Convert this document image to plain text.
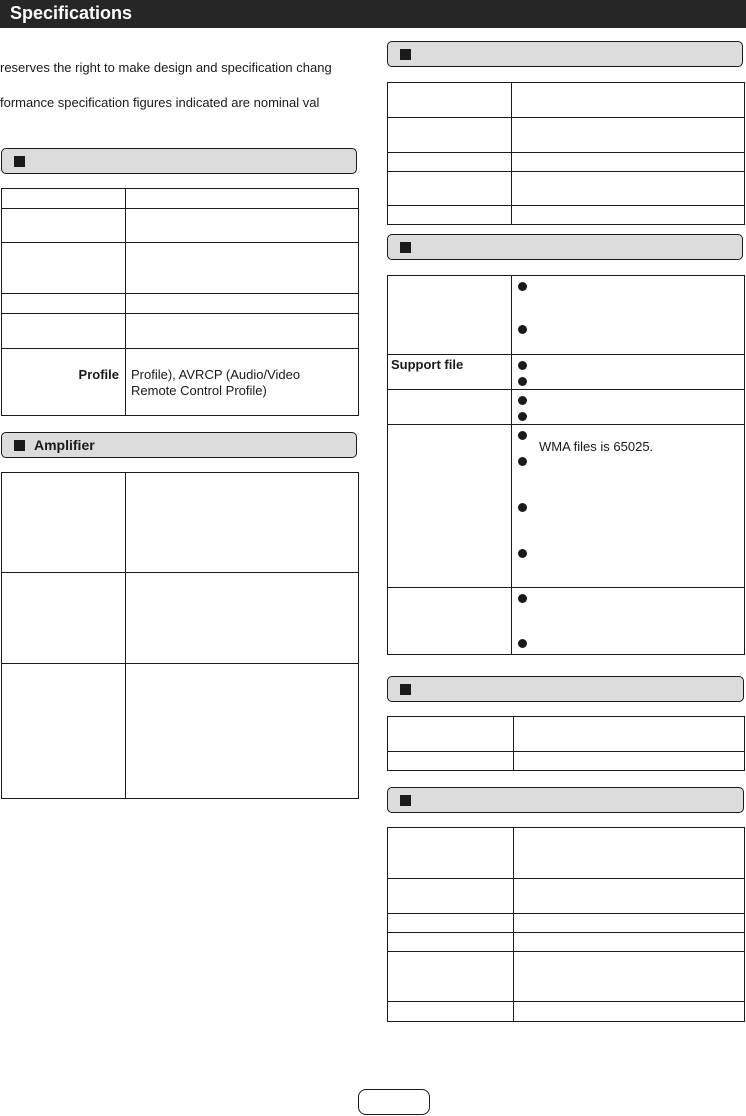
Specifications
reserves the right to make design and specification chang
formance specification figures indicated are nominal val

Profile	Profile), AVRCP (Audio/Video
Remote Control Profile)
Amplifier

Support file	

	WMA files is 65025.
